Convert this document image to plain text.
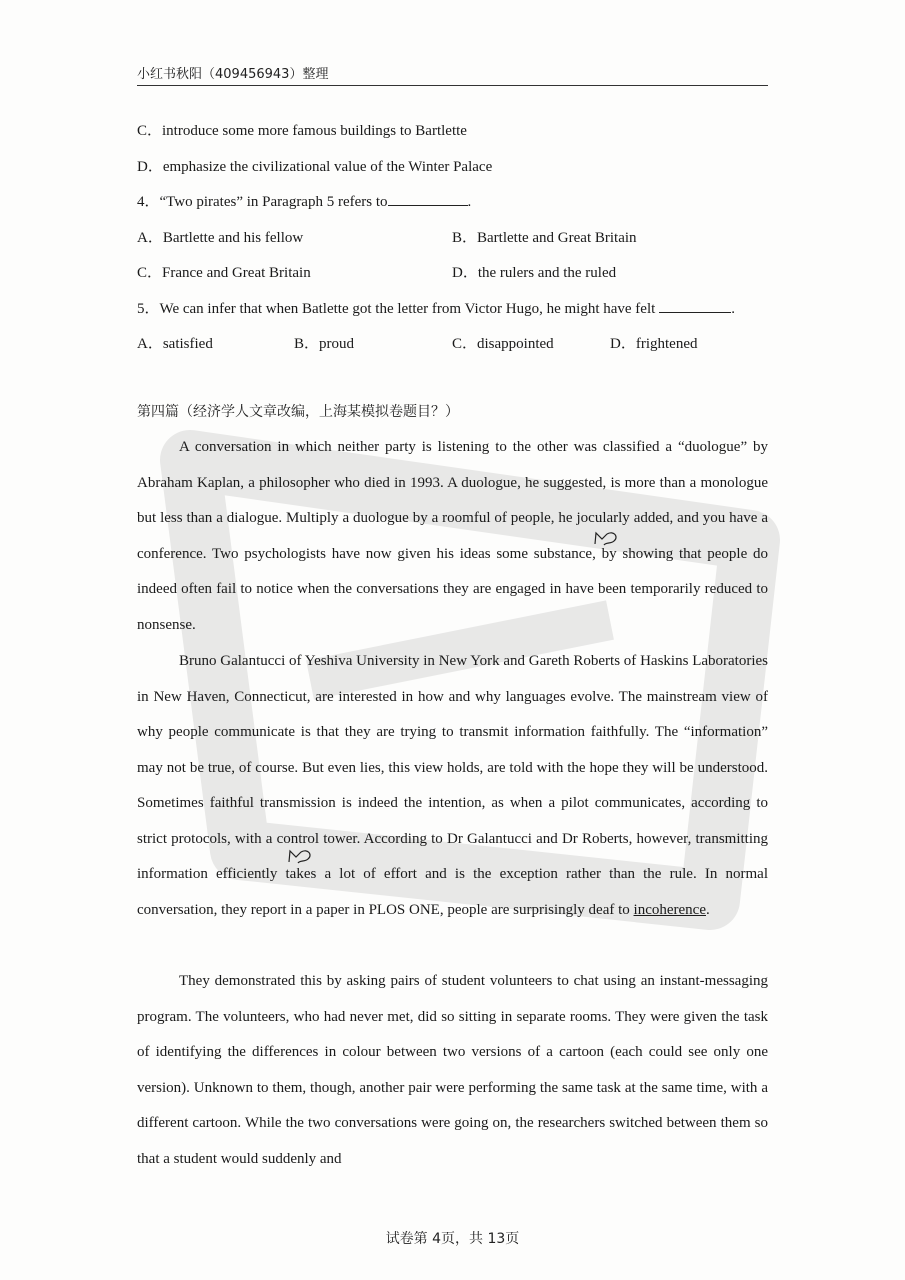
小红书秋阳（409456943）整理
C．introduce some more famous buildings to Bartlette
D．emphasize the civilizational value of the Winter Palace
4．“Two pirates” in Paragraph 5 refers to	.
A．Bartlette and his fellow	B．Bartlette and Great Britain
C．France and Great Britain	D．the rulers and the ruled
5．We can infer that when Batlette got the letter from Victor Hugo, he might have felt	.
A．satisfied	B．proud	C．disappointed	D．frightened
第四篇（经济学人文章改编，上海某模拟卷题目？）

A conversation in which neither party is listening to the other was classified a “duologue” by Abraham Kaplan, a philosopher who died in 1993. A duologue, he suggested, is more than a monologue but less than a dialogue. Multiply a duologue by a roomful of people, he jocularly added, and you have a conference. Two psychologists have now given his ideas some substance, by showing that people do indeed often fail to notice when the conversations they are engaged in have been temporarily reduced to nonsense.

Bruno Galantucci of Yeshiva University in New York and Gareth Roberts of Haskins Laboratories in New Haven, Connecticut, are interested in how and why languages evolve. The mainstream view of why people communicate is that they are trying to transmit information faithfully. The “information” may not be true, of course. But even lies, this view holds, are told with the hope they will be understood. Sometimes faithful transmission is indeed the intention, as when a pilot communicates, according to strict protocols, with a control tower. According to Dr Galantucci and Dr Roberts, however, transmitting information efficiently takes a lot of effort and is the exception rather than the rule. In normal conversation, they report in a paper in PLOS ONE, people are surprisingly deaf to incoherence.

They demonstrated this by asking pairs of student volunteers to chat using an instant-messaging program. The volunteers, who had never met, did so sitting in separate rooms. They were given the task of identifying the differences in colour between two versions of a cartoon (each could see only one version). Unknown to them, though, another pair were performing the same task at the same time, with a different cartoon. While the two conversations were going on, the researchers switched between them so that a student would suddenly and

试卷第 4页，共 13页
